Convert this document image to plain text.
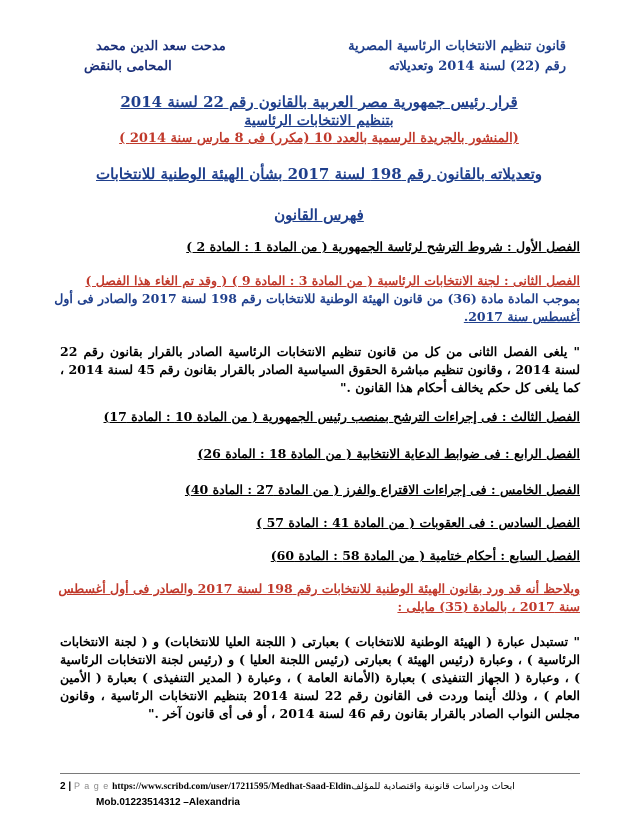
قانون تنظيم الانتخابات الرئاسية المصرية
رقم (22) لسنة 2014 وتعديلاته
مدحت سعد الدين محمد
المحامى بالنقض
قرار رئيس جمهورية مصر العربية بالقانون رقم 22 لسنة 2014
بتنظيم الانتخابات الرئاسية
(المنشور بالجريدة الرسمية بالعدد 10 (مكرر) فى 8 مارس سنة 2014 )
وتعديلاته بالقانون رقم 198 لسنة 2017 بشأن الهيئة الوطنية للانتخابات
فهرس القانون
الفصل الأول : شروط الترشح لرئاسة الجمهورية ( من المادة 1 : المادة 2 )
الفصل الثانى : لجنة الانتخابات الرئاسية ( من المادة 3 : المادة 9 ) ( وقد تم الغاء هذا الفصل )
بموجب المادة مادة (36) من قانون الهيئة الوطنية للانتخابات رقم 198 لسنة 2017 والصادر فى أول
أغسطس سنة 2017.
" يلغى الفصل الثانى من كل من قانون تنظيم الانتخابات الرئاسية الصادر بالقرار بقانون رقم 22 لسنة 2014 ، وقانون تنظيم مباشرة الحقوق السياسية الصادر بالقرار بقانون رقم 45 لسنة 2014 ، كما يلغى كل حكم يخالف أحكام هذا القانون ."
الفصل الثالث : فى إجراءات الترشح بمنصب رئيس الجمهورية ( من المادة 10 : المادة 17)
الفصل الرابع : فى ضوابط الدعاية الانتخابية ( من المادة 18 : المادة 26)
الفصل الخامس : فى إجراءات الاقتراع والفرز ( من المادة 27 : المادة 40)
الفصل السادس : فى العقوبات ( من المادة 41 : المادة 57 )
الفصل السابع : أحكام ختامية ( من المادة 58 : المادة 60)
ويلاحظ أنه قد ورد بقانون الهيئة الوطنية للانتخابات رقم 198 لسنة 2017 والصادر فى أول أغسطس
سنة 2017 ، بالمادة (35) مايلى :
" تستبدل عبارة ( الهيئة الوطنية للانتخابات ) بعبارتى ( اللجنة العليا للانتخابات) و ( لجنة الانتخابات الرئاسية ) ، وعبارة (رئيس الهيئة ) بعبارتى (رئيس اللجنة العليا ) و (رئيس لجنة الانتخابات الرئاسية ) ، وعبارة ( الجهاز التنفيذى ) بعبارة (الأمانة العامة ) ، وعبارة ( المدير التنفيذى ) بعبارة ( الأمين العام ) ، وذلك أينما وردت فى القانون رقم 22 لسنة 2014 بتنظيم الانتخابات الرئاسية ، وقانون مجلس النواب الصادر بالقرار بقانون رقم 46 لسنة 2014 ، أو فى أى قانون آخر ."
2 | P a g e https://www.scribd.com/user/17211595/Medhat-Saad-Eldinابحاث ودراسات قانونية واقتصادية للمؤلف
Mob.01223514312 –Alexandria
